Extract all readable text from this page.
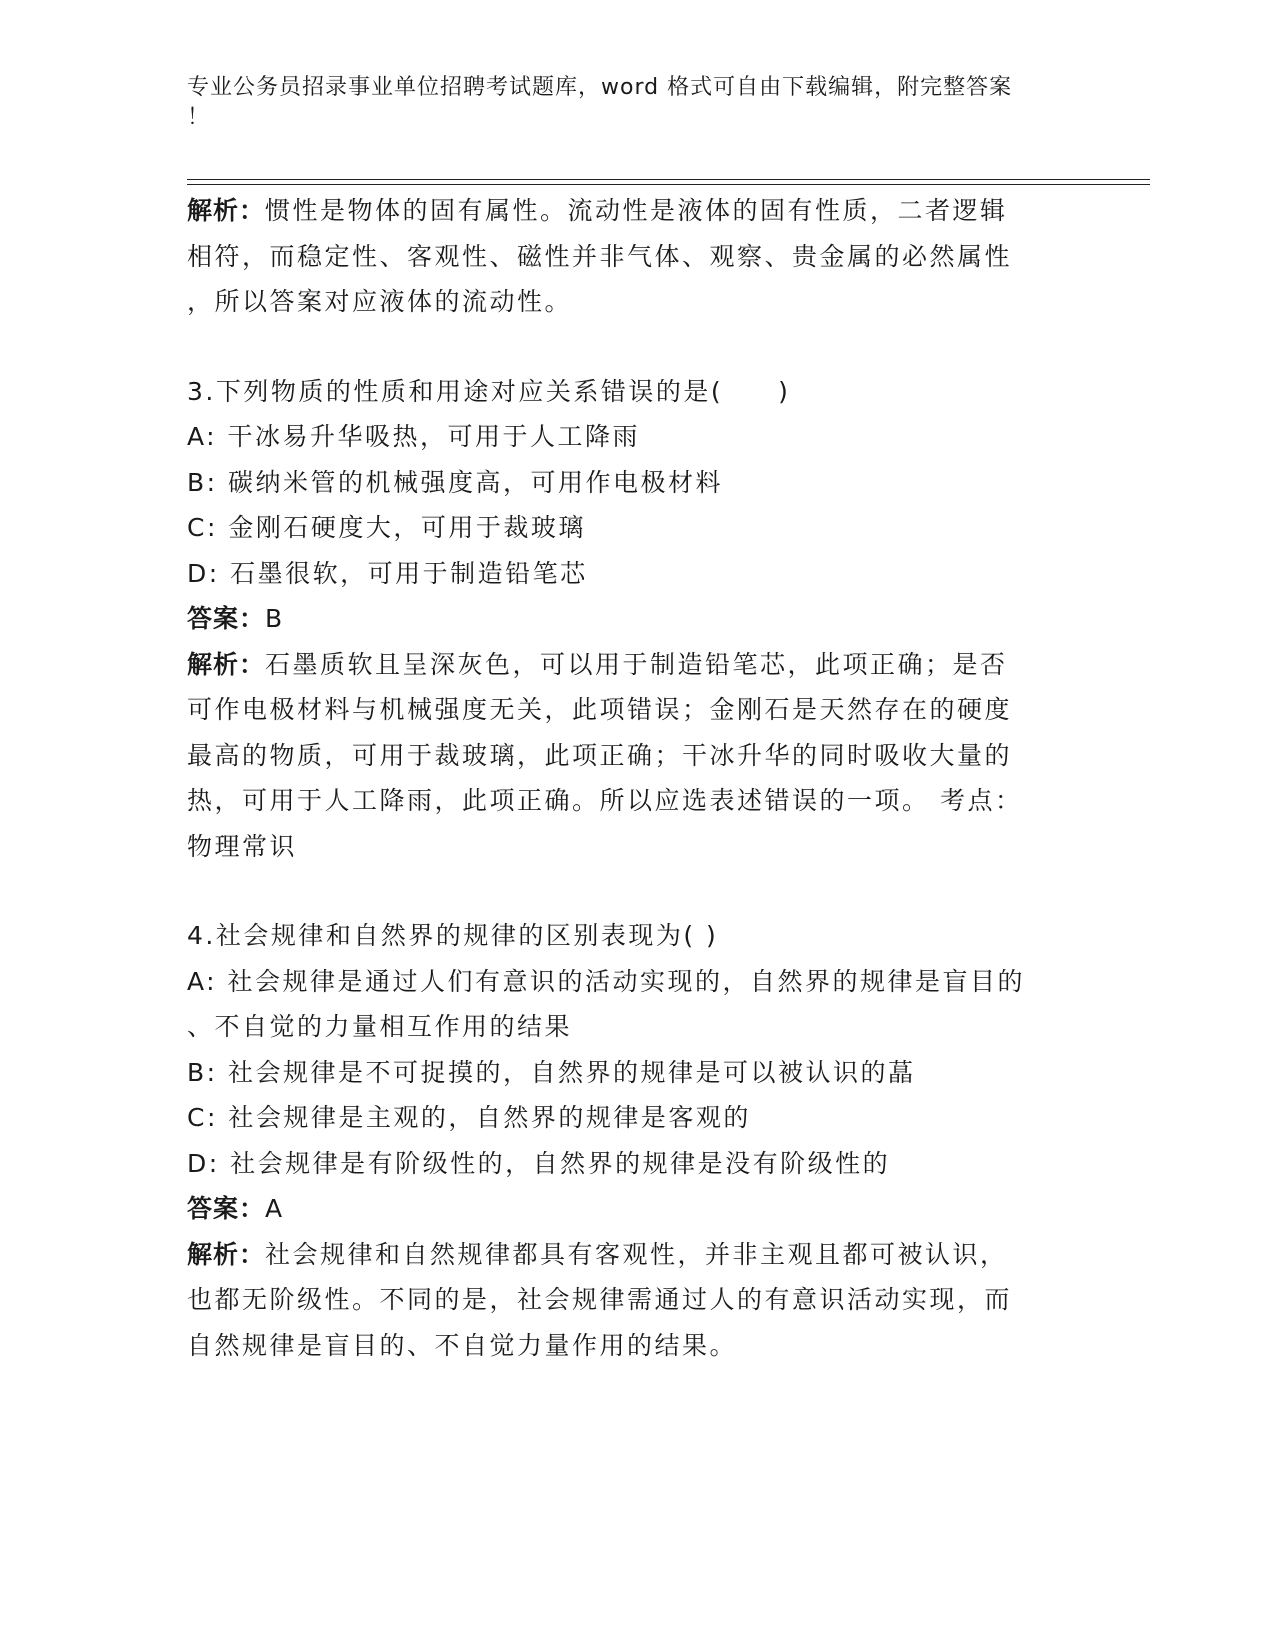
专业公务员招录事业单位招聘考试题库，word 格式可自由下载编辑，附完整答案
！
解析：惯性是物体的固有属性。流动性是液体的固有性质，二者逻辑
相符，而稳定性、客观性、磁性并非气体、观察、贵金属的必然属性
，所以答案对应液体的流动性。
3.下列物质的性质和用途对应关系错误的是(　　)
A: 干冰易升华吸热，可用于人工降雨
B: 碳纳米管的机械强度高，可用作电极材料
C: 金刚石硬度大，可用于裁玻璃
D: 石墨很软，可用于制造铅笔芯
答案：B
解析：石墨质软且呈深灰色，可以用于制造铅笔芯，此项正确；是否
可作电极材料与机械强度无关，此项错误；金刚石是天然存在的硬度
最高的物质，可用于裁玻璃，此项正确；干冰升华的同时吸收大量的
热，可用于人工降雨，此项正确。所以应选表述错误的一项。 考点：
物理常识
4.社会规律和自然界的规律的区别表现为( )
A: 社会规律是通过人们有意识的活动实现的，自然界的规律是盲目的
、不自觉的力量相互作用的结果
B: 社会规律是不可捉摸的，自然界的规律是可以被认识的蕌
C: 社会规律是主观的，自然界的规律是客观的
D: 社会规律是有阶级性的，自然界的规律是没有阶级性的
答案：A
解析：社会规律和自然规律都具有客观性，并非主观且都可被认识，
也都无阶级性。不同的是，社会规律需通过人的有意识活动实现，而
自然规律是盲目的、不自觉力量作用的结果。
